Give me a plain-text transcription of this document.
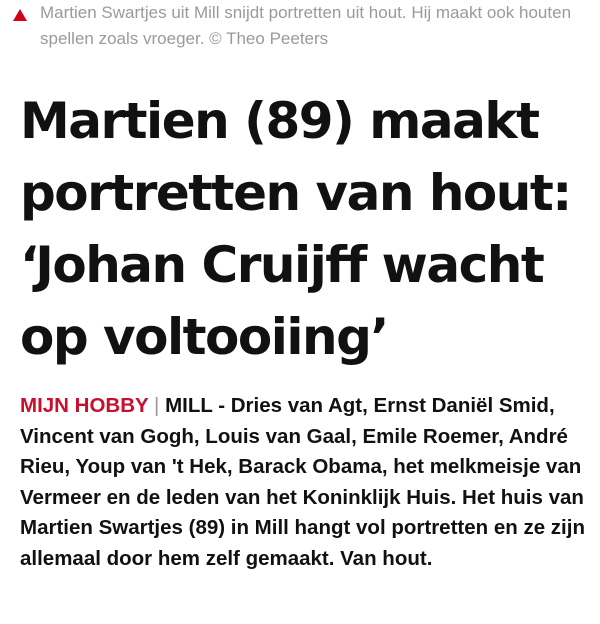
Martien Swartjes uit Mill snijdt portretten uit hout. Hij maakt ook houten spellen zoals vroeger. © Theo Peeters
Martien (89) maakt portretten van hout: ‘Johan Cruijff wacht op voltooiing’

MIJN HOBBY | MILL - Dries van Agt, Ernst Daniël Smid, Vincent van Gogh, Louis van Gaal, Emile Roemer, André Rieu, Youp van 't Hek, Barack Obama, het melkmeisje van Vermeer en de leden van het Koninklijk Huis. Het huis van Martien Swartjes (89) in Mill hangt vol portretten en ze zijn allemaal door hem zelf gemaakt. Van hout.
